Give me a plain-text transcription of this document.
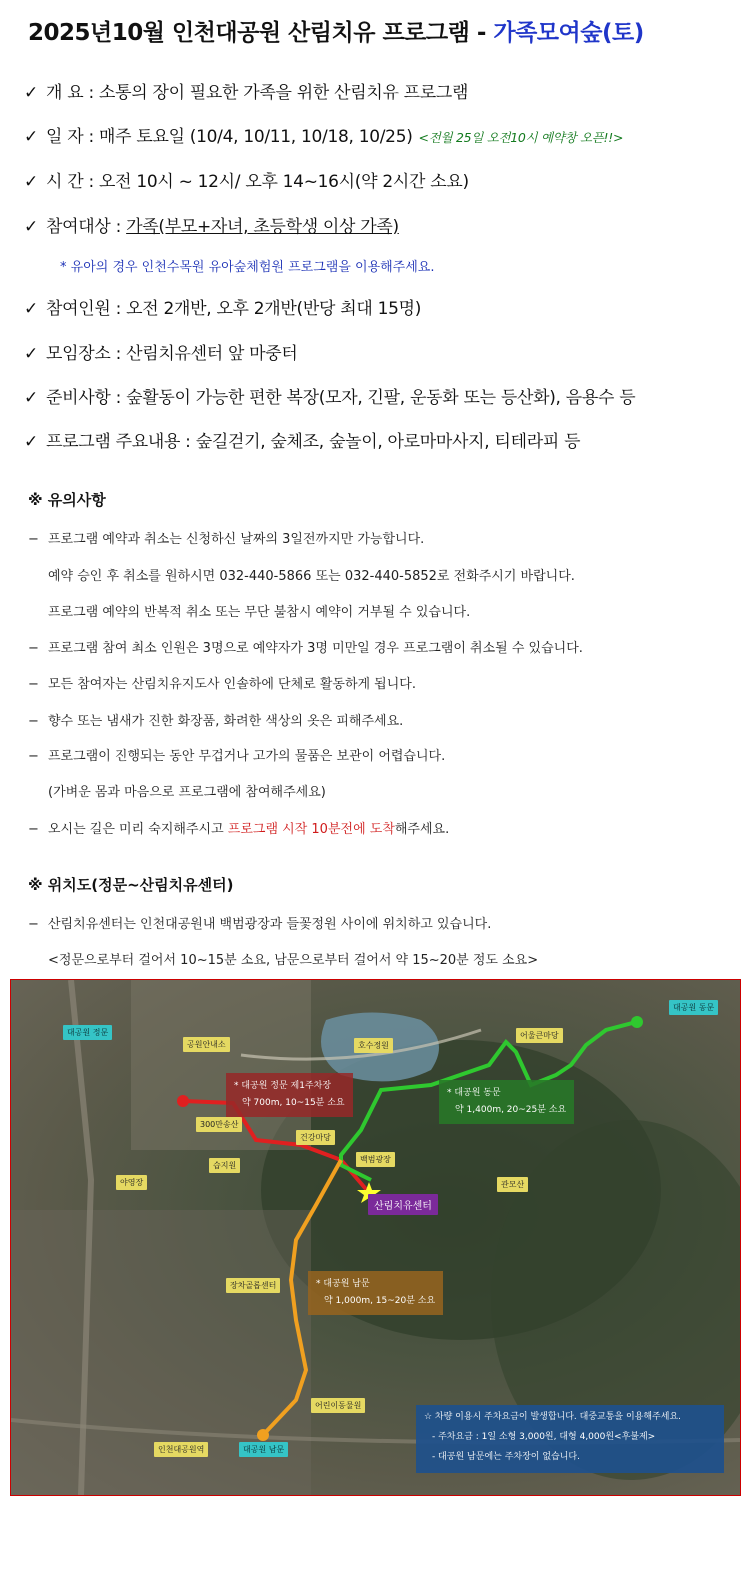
2025년10월 인천대공원 산림치유 프로그램 - 가족모여숲(토)
✓ 개 요 : 소통의 장이 필요한 가족을 위한 산림치유 프로그램
✓ 일 자 : 매주 토요일 (10/4, 10/11, 10/18, 10/25) <전월 25일 오전10시 예약창 오픈!!>
✓ 시 간 : 오전 10시 ~ 12시/ 오후 14~16시(약 2시간 소요)
✓ 참여대상 : 가족(부모+자녀, 초등학생 이상 가족)
* 유아의 경우 인천수목원 유아숲체험원 프로그램을 이용해주세요.
✓ 참여인원 : 오전 2개반, 오후 2개반(반당 최대 15명)
✓ 모임장소 : 산림치유센터 앞 마중터
✓ 준비사항 : 숲활동이 가능한 편한 복장(모자, 긴팔, 운동화 또는 등산화), 음용수 등
✓ 프로그램 주요내용 : 숲길걷기, 숲체조, 숲놀이, 아로마마사지, 티테라피 등
※ 유의사항
− 프로그램 예약과 취소는 신청하신 날짜의 3일전까지만 가능합니다.
예약 승인 후 취소를 원하시면 032-440-5866 또는 032-440-5852로 전화주시기 바랍니다.
프로그램 예약의 반복적 취소 또는 무단 불참시 예약이 거부될 수 있습니다.
− 프로그램 참여 최소 인원은 3명으로 예약자가 3명 미만일 경우 프로그램이 취소될 수 있습니다.
− 모든 참여자는 산림치유지도사 인솔하에 단체로 활동하게 됩니다.
− 향수 또는 냄새가 진한 화장품, 화려한 색상의 옷은 피해주세요.
− 프로그램이 진행되는 동안 무겁거나 고가의 물품은 보관이 어렵습니다.
(가벼운 몸과 마음으로 프로그램에 참여해주세요)
− 오시는 길은 미리 숙지해주시고 프로그램 시작 10분전에 도착해주세요.
※ 위치도(정문~산림치유센터)
− 산림치유센터는 인천대공원내 백범광장과 들꽃정원 사이에 위치하고 있습니다.
<정문으로부터 걸어서 10~15분 소요, 남문으로부터 걸어서 약 15~20분 정도 소요>
대공원 정문
대공원 동문
공원안내소	호수정원
어울큰마당
300만송산
건강마당
백범광장
습지원
야영장	관모산
장차골롭센터
어린이동물원
인천대공원역	대공원 남문
산림치유센터
* 대공원 정문 제1주차장
약 700m, 10~15분 소요
* 대공원 동문
약 1,400m, 20~25분 소요
* 대공원 남문
약 1,000m, 15~20분 소요
☆ 차량 이용시 주차요금이 발생합니다. 대중교통을 이용해주세요.
- 주차요금 : 1일 소형 3,000원, 대형 4,000원<후불제>
- 대공원 남문에는 주차장이 없습니다.
